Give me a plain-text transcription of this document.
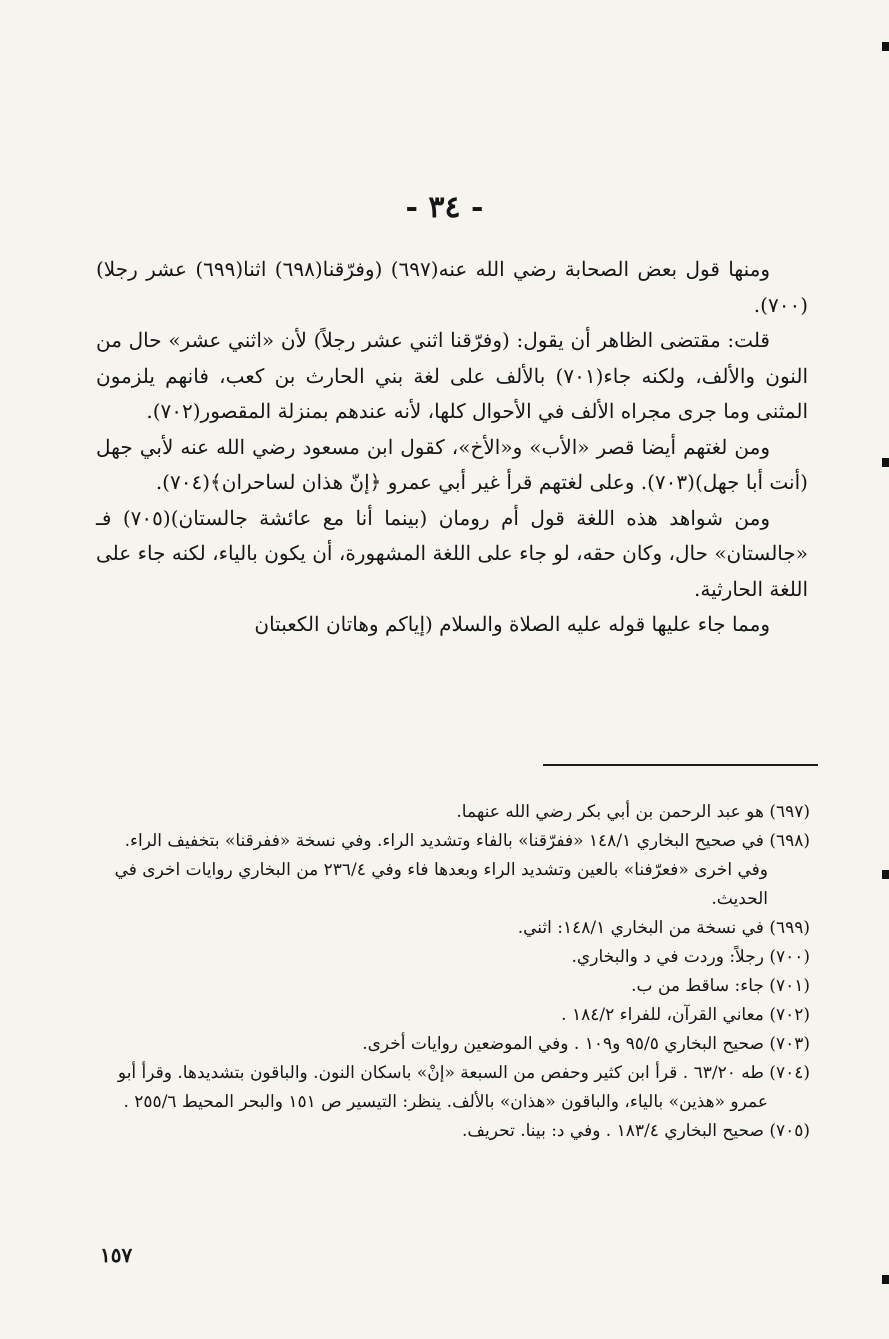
- ٣٤ -

ومنها قول بعض الصحابة رضي الله عنه(٦٩٧) (وفرّقنا(٦٩٨) اثنا(٦٩٩) عشر رجلا)(٧٠٠).

قلت: مقتضى الظاهر أن يقول: (وفرّقنا اثني عشر رجلاً) لأن «اثني عشر» حال من النون والألف، ولكنه جاء(٧٠١) بالألف على لغة بني الحارث بن كعب، فانهم يلزمون المثنى وما جرى مجراه الألف في الأحوال كلها، لأنه عندهم بمنزلة المقصور(٧٠٢).

ومن لغتهم أيضا قصر «الأب» و«الأخ»، كقول ابن مسعود رضي الله عنه لأبي جهل (أنت أبا جهل)(٧٠٣). وعلى لغتهم قرأ غير أبي عمرو ﴿إنّ هذان لساحران﴾(٧٠٤).

ومن شواهد هذه اللغة قول أم رومان (بينما أنا مع عائشة جالستان)(٧٠٥) فـ «جالستان» حال، وكان حقه، لو جاء على اللغة المشهورة، أن يكون بالياء، لكنه جاء على اللغة الحارثية.

ومما جاء عليها قوله عليه الصلاة والسلام (إياكم وهاتان الكعبتان

(٦٩٧) هو عبد الرحمن بن أبي بكر رضي الله عنهما.

(٦٩٨) في صحيح البخاري ١٤٨/١ «ففرّقنا» بالفاء وتشديد الراء. وفي نسخة «ففرقنا» بتخفيف الراء. وفي اخرى «فعرّفنا» بالعين وتشديد الراء وبعدها فاء وفي ٢٣٦/٤ من البخاري روايات اخرى في الحديث.

(٦٩٩) في نسخة من البخاري ١٤٨/١: اثني.

(٧٠٠) رجلاً: وردت في د والبخاري.

(٧٠١) جاء: ساقط من ب.

(٧٠٢) معاني القرآن، للفراء ١٨٤/٢ .

(٧٠٣) صحيح البخاري ٩٥/٥ و١٠٩ . وفي الموضعين روايات أخرى.

(٧٠٤) طه ٦٣/٢٠ . قرأ ابن كثير وحفص من السبعة «إنْ» باسكان النون. والباقون بتشديدها. وقرأ أبو عمرو «هذين» بالياء، والباقون «هذان» بالألف. ينظر: التيسير ص ١٥١ والبحر المحيط ٢٥٥/٦ .

(٧٠٥) صحيح البخاري ١٨٣/٤ . وفي د: بينا. تحريف.

١٥٧
